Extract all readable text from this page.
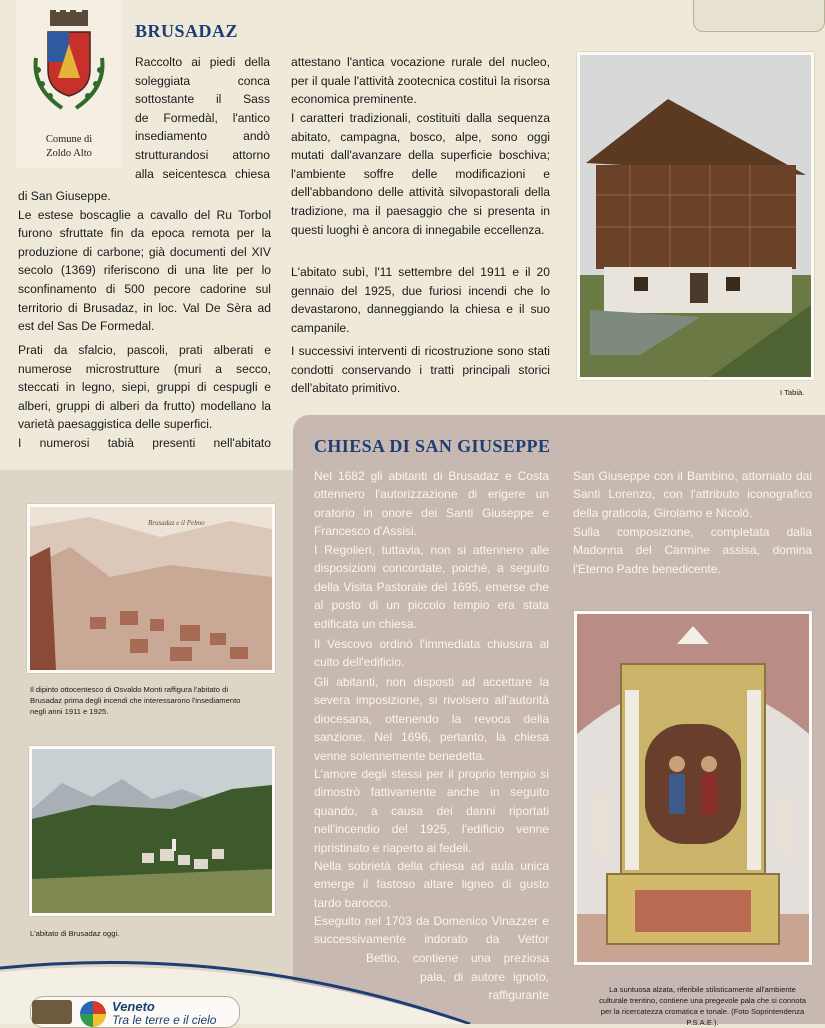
Comune di
Zoldo Alto
BRUSADAZ

Raccolto ai piedi della

soleggiata conca

sottostante il Sass

de Formedàl, l'antico

insediamento andò

strutturandosi attorno

alla seicentesca chiesa

di San Giuseppe.
Le estese boscaglie a cavallo del Ru Torbol furono sfruttate fin da epoca remota per la produzione di carbone; già documenti del XIV secolo (1369) riferiscono di una lite per lo sconfinamento di 500 pecore cadorine sul territorio di Brusadaz, in loc. Val De Sèra ad est del Sas De Formedal.

Prati da sfalcio, pascoli, prati alberati e numerose microstrutture (muri a secco, steccati in legno, siepi, gruppi di cespugli e alberi, gruppi di alberi da frutto) modellano la varietà paesaggistica delle superfici.

I numerosi tabià presenti nell'abitato

attestano l'antica vocazione rurale del nucleo, per il quale l'attività zootecnica costituì la risorsa economica preminente.

I caratteri tradizionali, costituiti dalla sequenza abitato, campagna, bosco, alpe, sono oggi mutati dall'avanzare della superficie boschiva; l'ambiente soffre delle modificazioni e dell'abbandono delle attività silvopastorali della tradizione, ma il paesaggio che si presenta in questi luoghi è ancora di innegabile eccellenza.

L'abitato subì, l'11 settembre del 1911 e il 20 gennaio del 1925, due furiosi incendi che lo devastarono, danneggiando la chiesa e il suo campanile.

I successivi interventi di ricostruzione sono stati condotti conservando i tratti principali storici dell'abitato primitivo.	I Tabià.
Brusadaz e il Pelmo
Il dipinto ottocentesco di Osvaldo Monti raffigura l'abitato di Brusadaz prima degli incendi che interessarono l'insediamento negli anni 1911 e 1925.
L'abitato di Brusadaz oggi.
CHIESA DI SAN GIUSEPPE

Nel 1682 gli abitanti di Brusadaz e Costa ottennero l'autorizzazione di erigere un oratorio in onore dei Santi Giuseppe e Francesco d'Assisi.

I Regolieri, tuttavia, non si attennero alle disposizioni concordate, poiché, a seguito della Visita Pastorale del 1695, emerse che al posto di un piccolo tempio era stata edificata un chiesa.

Il Vescovo ordinò l'immediata chiusura al culto dell'edificio.

Gli abitanti, non disposti ad accettare la severa imposizione, si rivolsero all'autorità diocesana, ottenendo la revoca della sanzione. Nel 1696, pertanto, la chiesa venne solennemente benedetta.

L'amore degli stessi per il proprio tempio si dimostrò fattivamente anche in seguito quando, a causa dei danni riportati nell'incendio del 1925, l'edificio venne ripristinato e riaperto ai fedeli.

Nella sobrietà della chiesa ad aula unica emerge il fastoso altare ligneo di gusto tardo barocco.

Eseguito nel 1703 da Domenico Vinazzer e successivamente indorato da Vettor

Bettio, contiene una preziosa

pala, di autore ignoto,

raffigurante

San Giuseppe con il Bambino, attorniato dai Santi Lorenzo, con l'attributo iconografico della graticola, Girolamo e Nicolò.

Sulla composizione, completata dalla Madonna del Carmine assisa, domina l'Eterno Padre benedicente.

La suntuosa alzata, riferibile stilisticamente all'ambiente culturale trentino, contiene una pregevole pala che si connota per la ricercatezza cromatica e tonale. (Foto Soprintendenza P.S.A.E.).
Veneto
Tra le terre e il cielo
